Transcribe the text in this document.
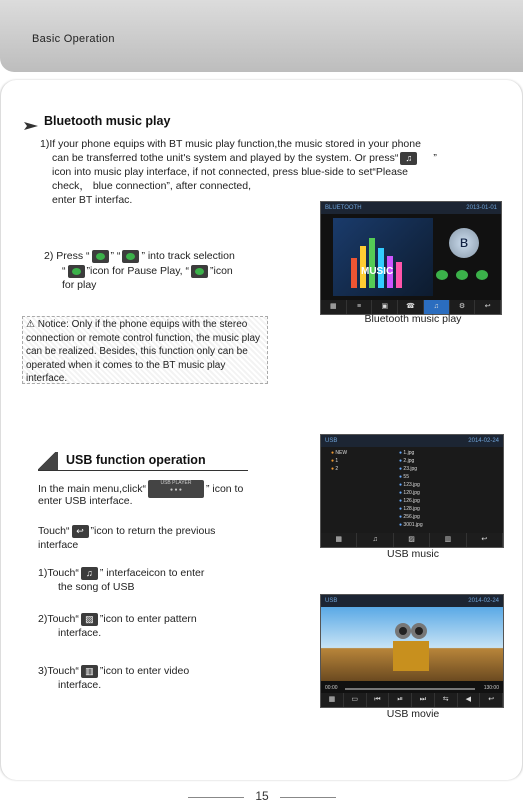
Basic Operation
Bluetooth music play
1)If your phone equips with BT music play function,the music stored in your phone
can be transferred tothe unit's system and played by the system. Or press“ ♫ ”
icon into music play interface, if not connected, press blue-side to set“Please
check， blue connection”, after connected,
enter BT interfac.
2) Press “ ” “ ” into track selection
“ ”icon for Pause Play, “ ”icon
for play
⚠ Notice: Only if the phone equips with the stereo connection or remote control function, the music play can be realized. Besides, this function only can be operated when it comes to the BT music play interface.
BLUETOOTH	2013-01-01
MUSIC
ʙ
▦	≡	▣	☎	♫	⚙	↩
Bluetooth music play
USB function operation
In the main menu,click“	USB PLAYER
● ● ● ” icon to
enter USB interface.
Touch“ ↩ ”icon to return the previous
interface
1)Touch“ ♫ ” interfaceicon to enter
the song of USB
2)Touch“ ▨ ”icon to enter pattern
interface.
3)Touch“ ▥ ”icon to enter video
interface.
USB	2014-02-24
● NEW
● 1
● 2
● 1.jpg
● 2.jpg
● 23.jpg
● 55
● 123.jpg
● 120.jpg
● 126.jpg
● 128.jpg
● 256.jpg
● 3001.jpg
▦	♫	▨	▥	↩
USB music
USB	2014-02-24
00:00	130:00
▦	▭	⏮	⏯	⏭	⇆	◀	↩
USB movie
15
